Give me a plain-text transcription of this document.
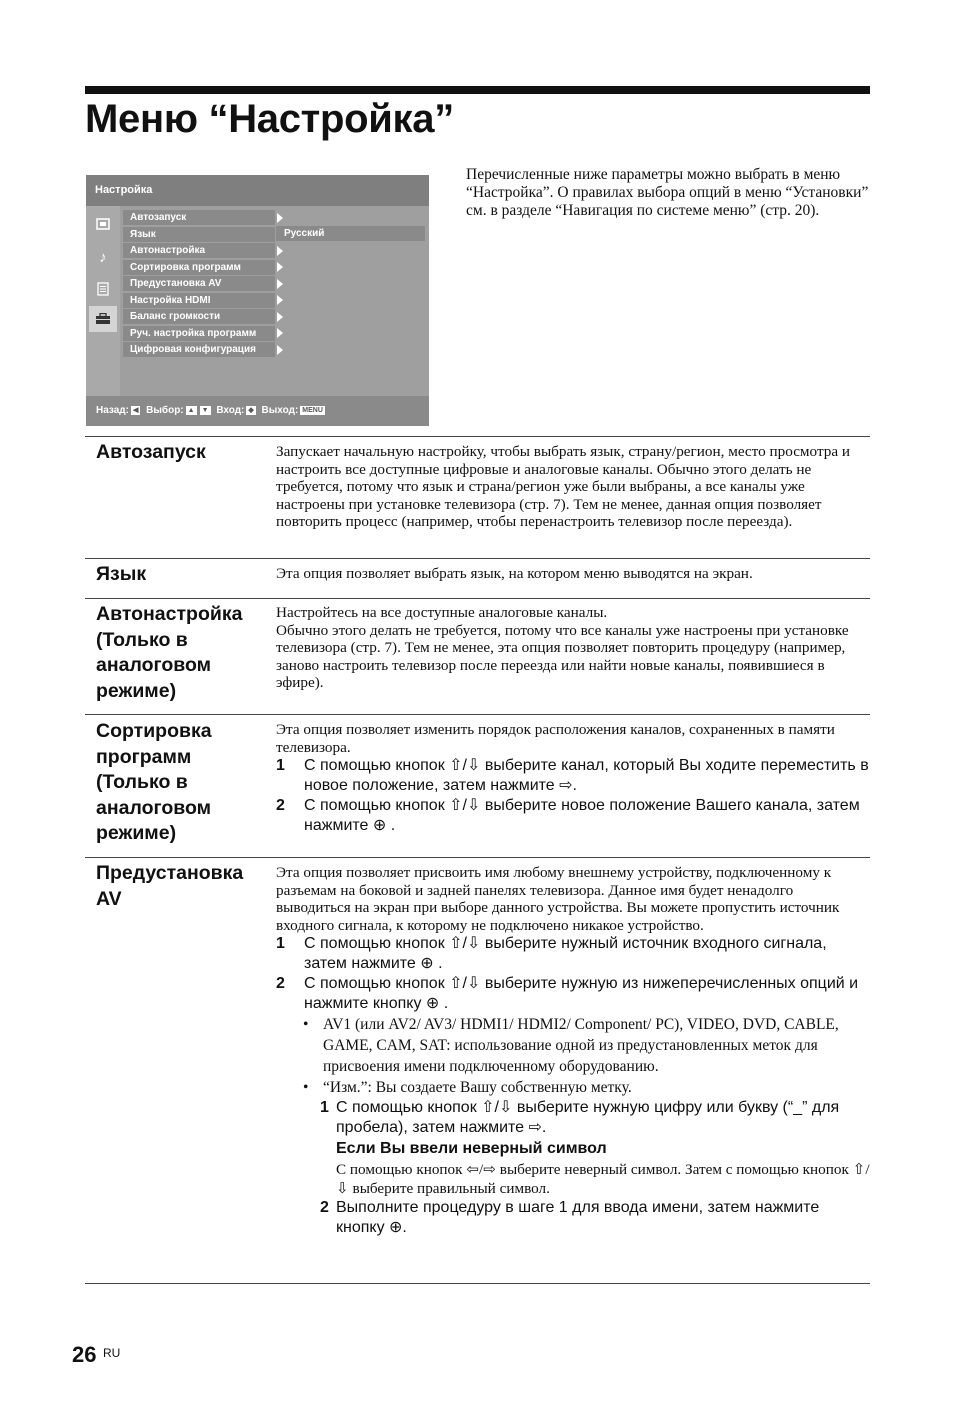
Меню “Настройка”
Настройка
♪
Автозапуск
Язык
Автонастройка
Сортировка программ
Предустановка AV
Настройка HDMI
Баланс громкости
Руч. настройка программ
Цифровая конфигурация
Русский
Назад: ◀ Выбор: ▲ ▼ Вход: ◆ Выход: MENU
Перечисленные ниже параметры можно выбрать в меню “Настройка”. О правилах выбора опций в меню “Установки” см. в разделе “Навигация по системе меню” (стр. 20).
Автозапуск	Запускает начальную настройку, чтобы выбрать язык, страну/регион, место просмотра и настроить все доступные цифровые и аналоговые каналы. Обычно этого делать не требуется, потому что язык и страна/регион уже были выбраны, а все каналы уже настроены при установке телевизора (стр. 7). Тем не менее, данная опция позволяет повторить процесс (например, чтобы перенастроить телевизор после переезда).
Язык	Эта опция позволяет выбрать язык, на котором меню выводятся на экран.
Автонастройка (Только в аналоговом режиме)

Настройтесь на все доступные аналоговые каналы.

Обычно этого делать не требуется, потому что все каналы уже настроены при установке телевизора (стр. 7). Тем не менее, эта опция позволяет повторить процедуру (например, заново настроить телевизор после переезда или найти новые каналы, появившиеся в эфире).

Сортировка программ (Только в аналоговом режиме)

Эта опция позволяет изменить порядок расположения каналов, сохраненных в памяти телевизора.

1 С помощью кнопок ⇧/⇩ выберите канал, который Вы ходите переместить в новое положение, затем нажмите ⇨.
2 С помощью кнопок ⇧/⇩ выберите новое положение Вашего канала, затем нажмите ⊕ .
Предустановка AV

Эта опция позволяет присвоить имя любому внешнему устройству, подключенному к разъемам на боковой и задней панелях телевизора. Данное имя будет ненадолго выводиться на экран при выборе данного устройства. Вы можете пропустить источник входного сигнала, к которому не подключено никакое устройство.

1 С помощью кнопок ⇧/⇩ выберите нужный источник входного сигнала, затем нажмите ⊕ .
2 С помощью кнопок ⇧/⇩ выберите нужную из нижеперечисленных опций и нажмите кнопку ⊕ .
• AV1 (или AV2/ AV3/ HDMI1/ HDMI2/ Component/ PC), VIDEO, DVD, CABLE, GAME, CAM, SAT: использование одной из предустановленных меток для присвоения имени подключенному оборудованию.
• “Изм.”: Вы создаете Вашу собственную метку.
1 С помощью кнопок ⇧/⇩ выберите нужную цифру или букву (“_” для пробела), затем нажмите ⇨.
Если Вы ввели неверный символ
С помощью кнопок ⇦/⇨ выберите неверный символ. Затем с помощью кнопок ⇧/⇩ выберите правильный символ.
2 Выполните процедуру в шаге 1 для ввода имени, затем нажмите кнопку ⊕.
26 RU
